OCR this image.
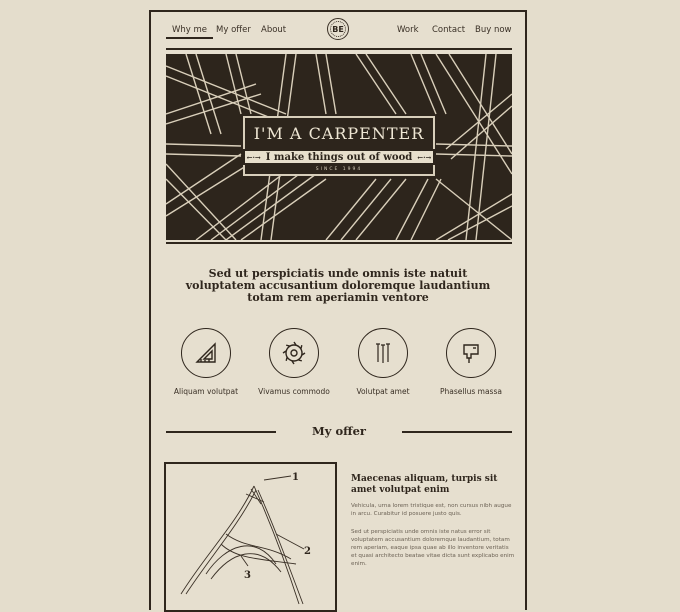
Why me	My offer About	Work Contact Buy now
BE
I'M A CARPENTER
←·→ I make things out of wood ←·→
SINCE 1994
Sed ut perspiciatis unde omnis iste natuit voluptatem accusantium doloremque laudantium totam rem aperiamin ventore
Aliquam volutpat	Vivamus commodo	Volutpat amet	Phasellus massa
My offer
1
2
3
Maecenas aliquam, turpis sit amet volutpat enim
Vehicula, urna lorem tristique est, non cursus nibh augue in arcu. Curabitur id posuere justo quis.
Sed ut perspiciatis unde omnis iste natus error sit voluptatem accusantium doloremque laudantium, totam rem aperiam, eaque ipsa quae ab illo inventore veritatis et quasi architecto beatae vitae dicta sunt explicabo enim enim.
